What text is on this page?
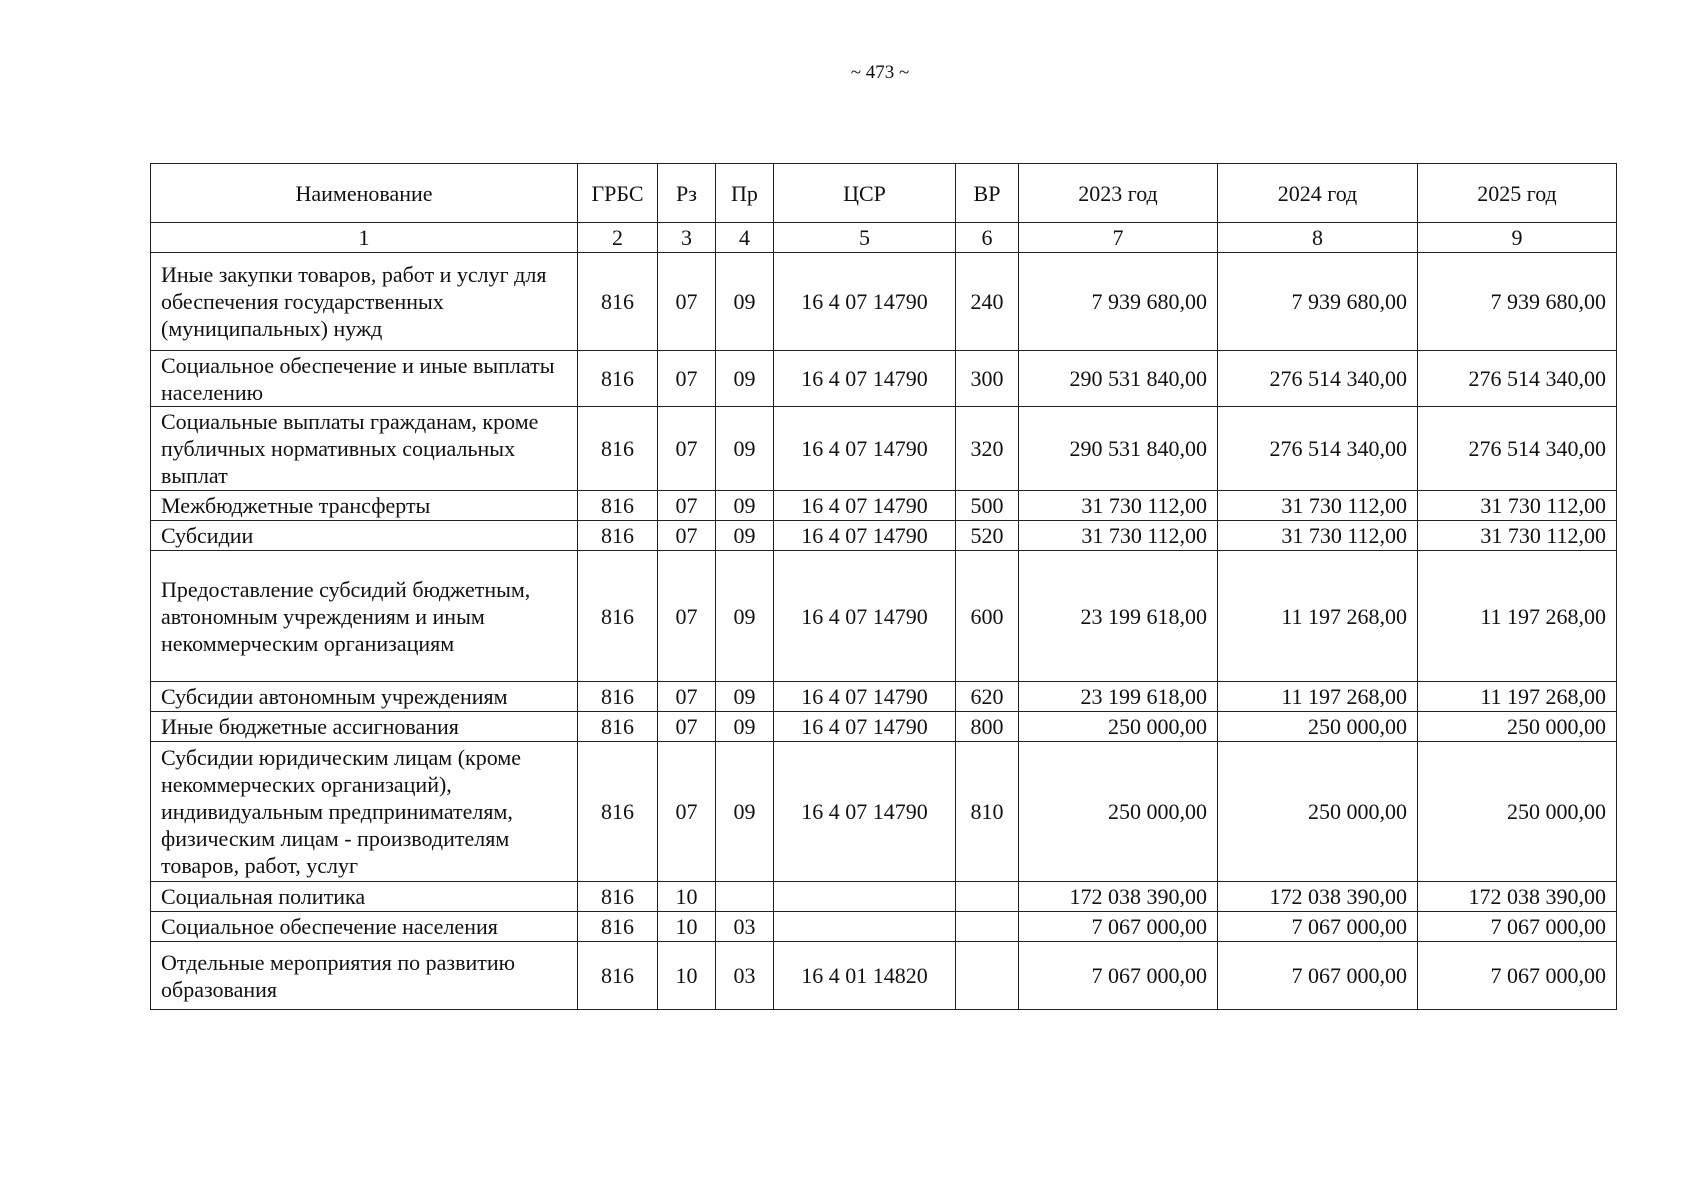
~ 473 ~
Наименование	ГРБС	Рз	Пр	ЦСР	ВР	2023 год	2024 год	2025 год
1	2	3	4	5	6	7	8	9
Иные закупки товаров, работ и услуг для обеспечения государственных (муниципальных) нужд	816	07	09	16 4 07 14790	240	7 939 680,00	7 939 680,00	7 939 680,00
Социальное обеспечение и иные выплаты населению	816	07	09	16 4 07 14790	300	290 531 840,00	276 514 340,00	276 514 340,00
Социальные выплаты гражданам, кроме публичных нормативных социальных выплат	816	07	09	16 4 07 14790	320	290 531 840,00	276 514 340,00	276 514 340,00
Межбюджетные трансферты	816	07	09	16 4 07 14790	500	31 730 112,00	31 730 112,00	31 730 112,00
Субсидии	816	07	09	16 4 07 14790	520	31 730 112,00	31 730 112,00	31 730 112,00
Предоставление субсидий бюджетным, автономным учреждениям и иным некоммерческим организациям	816	07	09	16 4 07 14790	600	23 199 618,00	11 197 268,00	11 197 268,00
Субсидии автономным учреждениям	816	07	09	16 4 07 14790	620	23 199 618,00	11 197 268,00	11 197 268,00
Иные бюджетные ассигнования	816	07	09	16 4 07 14790	800	250 000,00	250 000,00	250 000,00
Субсидии юридическим лицам (кроме некоммерческих организаций), индивидуальным предпринимателям, физическим лицам - производителям товаров, работ, услуг	816	07	09	16 4 07 14790	810	250 000,00	250 000,00	250 000,00
Социальная политика	816	10				172 038 390,00	172 038 390,00	172 038 390,00
Социальное обеспечение населения	816	10	03			7 067 000,00	7 067 000,00	7 067 000,00
Отдельные мероприятия по развитию образования	816	10	03	16 4 01 14820		7 067 000,00	7 067 000,00	7 067 000,00
